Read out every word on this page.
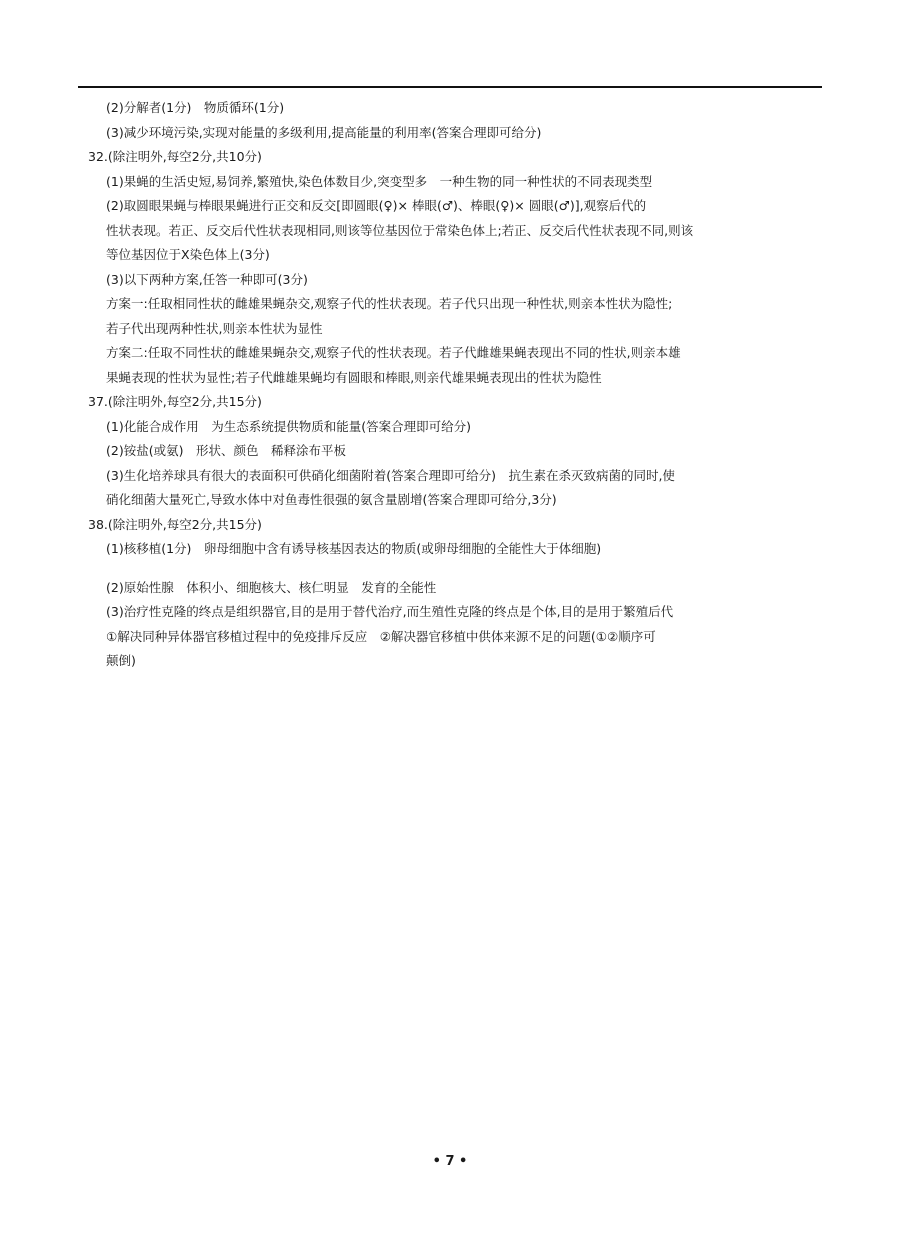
(2)分解者(1分)　物质循环(1分)

(3)减少环境污染,实现对能量的多级利用,提高能量的利用率(答案合理即可给分)

32.(除注明外,每空2分,共10分)

(1)果蝇的生活史短,易饲养,繁殖快,染色体数目少,突变型多　一种生物的同一种性状的不同表现类型

(2)取圆眼果蝇与棒眼果蝇进行正交和反交[即圆眼(♀)× 棒眼(♂)、棒眼(♀)× 圆眼(♂)],观察后代的

性状表现。若正、反交后代性状表现相同,则该等位基因位于常染色体上;若正、反交后代性状表现不同,则该

等位基因位于X染色体上(3分)

(3)以下两种方案,任答一种即可(3分)

方案一:任取相同性状的雌雄果蝇杂交,观察子代的性状表现。若子代只出现一种性状,则亲本性状为隐性;

若子代出现两种性状,则亲本性状为显性

方案二:任取不同性状的雌雄果蝇杂交,观察子代的性状表现。若子代雌雄果蝇表现出不同的性状,则亲本雄

果蝇表现的性状为显性;若子代雌雄果蝇均有圆眼和棒眼,则亲代雄果蝇表现出的性状为隐性

37.(除注明外,每空2分,共15分)

(1)化能合成作用　为生态系统提供物质和能量(答案合理即可给分)

(2)铵盐(或氨)　形状、颜色　稀释涂布平板

(3)生化培养球具有很大的表面积可供硝化细菌附着(答案合理即可给分)　抗生素在杀灭致病菌的同时,使

硝化细菌大量死亡,导致水体中对鱼毒性很强的氨含量剧增(答案合理即可给分,3分)

38.(除注明外,每空2分,共15分)

(1)核移植(1分)　卵母细胞中含有诱导核基因表达的物质(或卵母细胞的全能性大于体细胞)

(2)原始性腺　体积小、细胞核大、核仁明显　发育的全能性

(3)治疗性克隆的终点是组织器官,目的是用于替代治疗,而生殖性克隆的终点是个体,目的是用于繁殖后代

①解决同种异体器官移植过程中的免疫排斥反应　②解决器官移植中供体来源不足的问题(①②顺序可

颠倒)

• 7 •
